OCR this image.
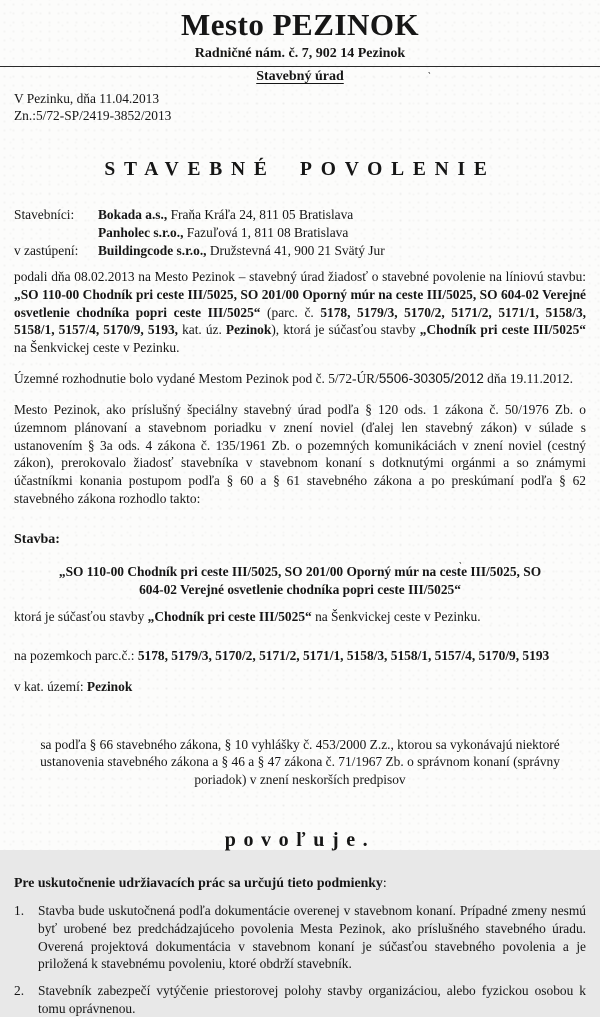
Mesto PEZINOK
Radničné nám. č. 7, 902 14 Pezinok
Stavebný úrad
V Pezinku, dňa 11.04.2013
Zn.:5/72-SP/2419-3852/2013
STAVEBNÉ POVOLENIE
Stavebníci:	Bokada a.s., Fraňa Kráľa 24, 811 05 Bratislava
Panholec s.r.o., Fazuľová 1, 811 08 Bratislava
v zastúpení:	Buildingcode s.r.o., Družstevná 41, 900 21 Svätý Jur

podali dňa 08.02.2013 na Mesto Pezinok – stavebný úrad žiadosť o stavebné povolenie na líniovú stavbu: „SO 110-00 Chodník pri ceste III/5025, SO 201/00 Oporný múr na ceste III/5025, SO 604-02 Verejné osvetlenie chodníka popri ceste III/5025“ (parc. č. 5178, 5179/3, 5170/2, 5171/2, 5171/1, 5158/3, 5158/1, 5157/4, 5170/9, 5193, kat. úz. Pezinok), ktorá je súčasťou stavby „Chodník pri ceste III/5025“ na Šenkvickej ceste v Pezinku.

Územné rozhodnutie bolo vydané Mestom Pezinok pod č. 5/72-ÚR/5506-30305/2012 dňa 19.11.2012.

Mesto Pezinok, ako príslušný špeciálny stavebný úrad podľa § 120 ods. 1 zákona č. 50/1976 Zb. o územnom plánovaní a stavebnom poriadku v znení noviel (ďalej len stavebný zákon) v súlade s ustanovením § 3a ods. 4 zákona č. 135/1961 Zb. o pozemných komunikáciách v znení noviel (cestný zákon), prerokovalo žiadosť stavebníka v stavebnom konaní s dotknutými orgánmi a so známymi účastníkmi konania postupom podľa § 60 a § 61 stavebného zákona a po preskúmaní podľa § 62 stavebného zákona rozhodlo takto:

Stavba:
„SO 110-00 Chodník pri ceste III/5025, SO 201/00 Oporný múr na ceste III/5025, SO 604-02 Verejné osvetlenie chodníka popri ceste III/5025“

ktorá je súčasťou stavby „Chodník pri ceste III/5025“ na Šenkvickej ceste v Pezinku.

na pozemkoch parc.č.: 5178, 5179/3, 5170/2, 5171/2, 5171/1, 5158/3, 5158/1, 5157/4, 5170/9, 5193

v kat. území: Pezinok

sa podľa § 66 stavebného zákona, § 10 vyhlášky č. 453/2000 Z.z., ktorou sa vykonávajú niektoré ustanovenia stavebného zákona a § 46 a § 47 zákona č. 71/1967 Zb. o správnom konaní (správny poriadok) v znení neskorších predpisov

povoľuje.
Pre uskutočnenie udržiavacích prác sa určujú tieto podmienky:
1.	Stavba bude uskutočnená podľa dokumentácie overenej v stavebnom konaní. Prípadné zmeny nesmú byť urobené bez predchádzajúceho povolenia Mesta Pezinok, ako príslušného stavebného úradu. Overená projektová dokumentácia v stavebnom konaní je súčasťou stavebného povolenia a je priložená k stavebnému povoleniu, ktoré obdrží stavebník.
2.	Stavebník zabezpečí vytýčenie priestorovej polohy stavby organizáciou, alebo fyzickou osobou k tomu oprávnenou.
‵
‵
‵
